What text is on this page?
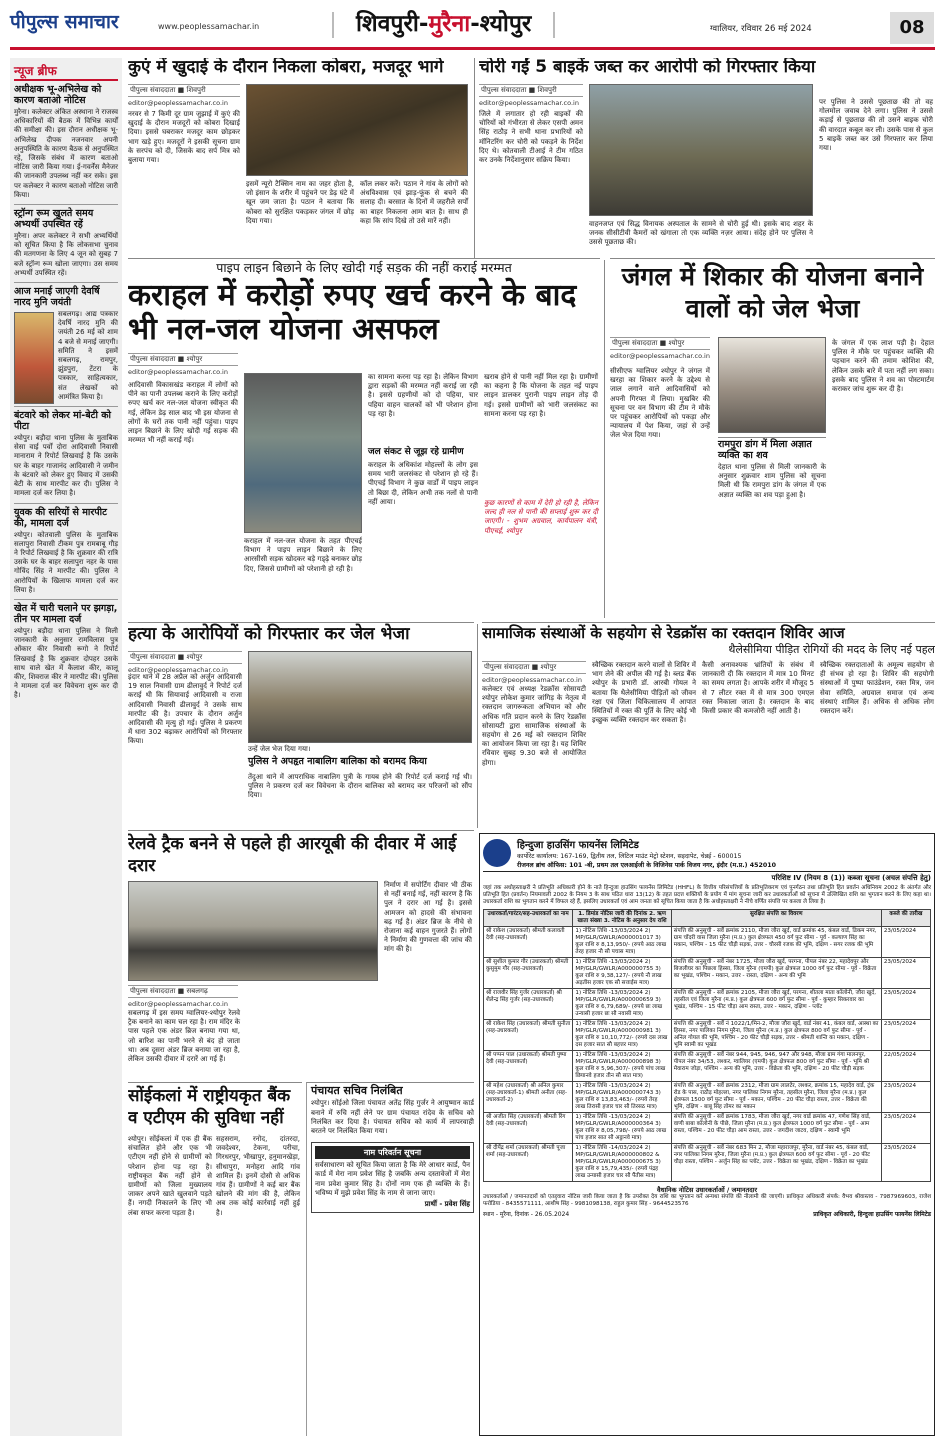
पीपुल्स समाचार	www.peoplessamachar.in	शिवपुरी-मुरैना-श्योपुर	ग्वालियर, रविवार 26 मई 2024	08
न्यूज ब्रीफ
अधीक्षक भू-अभिलेख को कारण बताओ नोटिस
मुरैना। कलेक्टर अंकित अस्थाना ने राजस्व अधिकारियों की बैठक में विभिन्न कार्यों की समीक्षा की। इस दौरान अधीक्षक भू-अभिलेख दीपक नजनवार अपनी अनुपस्थिति के कारण बैठक से अनुपस्थित रहे, जिसके संबंध में कारण बताओ नोटिस जारी किया गया। ई-गवर्नेंस मैनेजर की जानकारी उपलब्ध नहीं कर सके। इस पर कलेक्टर ने कारण बताओ नोटिस जारी किया।
स्ट्रॉन्ग रूम खुलते समय अभ्यर्थी उपस्थित रहें
मुरैना। अपर कलेक्टर ने सभी अभ्यर्थियों को सूचित किया है कि लोकसभा चुनाव की मतगणना के लिए 4 जून को सुबह 7 बजे स्ट्रॉन्ग रूम खोला जाएगा। उस समय अभ्यर्थी उपस्थित रहें।
आज मनाई जाएगी देवर्षि नारद मुनि जयंती
सबलगढ़। आद्य पत्रकार देवर्षि नारद मुनि की जयंती 26 मई को शाम 4 बजे से मनाई जाएगी। समिति ने इसमें सबलगढ़, रामपुर, झुंडपुरा, टेंटरा के पत्रकार, साहित्यकार, संत लेखकों को आमंत्रित किया है।
बंटवारे को लेकर मां-बेटी को पीटा
श्योपुर। बड़ौदा थाना पुलिस के मुताबिक सेसा वाई पर्वों दोरा आदिवासी निवासी मानाराम ने रिपोर्ट लिखवाई है कि उसके घर के बाहर गाजानंद आदिवासी ने जमीन के बंटवारे को लेकर हुए विवाद में उसकी बेटी के साथ मारपीट कर दी। पुलिस ने मामला दर्ज कर लिया है।
युवक की सरियों से मारपीट की, मामला दर्ज
श्योपुर। कोतवाली पुलिस के मुताबिक सलापुरा निवासी टीकम पुत्र रामबाबू गौड़ ने रिपोर्ट लिखवाई है कि शुक्रवार की रात्रि उसके घर के बाहर सलापुरा नहर के पास गोविंद सिंह ने मारपीट की। पुलिस ने आरोपियों के खिलाफ मामला दर्ज कर लिया है।
खेत में चारी चलाने पर झगड़ा, तीन पर मामला दर्ज
श्योपुर। बड़ौदा थाना पुलिस ने मिली जानकारी के अनुसार रामविलास पुत्र ओंकार कीर निवासी रूगो ने रिपोर्ट लिखवाई है कि शुक्रवार दोपहर उसके साथ वाले खेत में कैलाश कीर, कालू कीर, शिवराज कीर ने मारपीट की। पुलिस ने मामला दर्ज कर विवेचना शुरू कर दी है।
कुएं में खुदाई के दौरान निकला कोबरा, मजदूर भागे
पीपुल्स संवाददाता ■ शिवपुरी
editor@peoplessamachar.co.in
नरवर से 7 किमी दूर ग्राम जुझाई में कुएं की खुदाई के दौरान मजदूरों को कोबरा दिखाई दिया। इससे घबराकर मजदूर काम छोड़कर भाग खड़े हुए। मजदूरों ने इसकी सूचना ग्राम के सरपंच को दी, जिसके बाद सर्प मित्र को बुलाया गया।
इसमें न्यूरो टैक्सिन नाम का जहर होता है, जो इंसान के शरीर में पहुंचने पर डेढ़ घंटे में खून जम जाता है। पठान ने बताया कि कोबरा को सुरक्षित पकड़कर जंगल में छोड़ दिया गया।
कॉल लकर करें। पठान ने गांव के लोगों को अंधविश्वास एवं झाड़-फूंक से बचने की सलाह दी। बरसात के दिनों में जहरीले सर्पों का बाहर निकलना आम बात है। साथ ही कहा कि सांप दिखे तो उसे मारें नहीं।
चोरी गईं 5 बाइकें जब्त कर आरोपी को गिरफ्तार किया
पीपुल्स संवाददाता ■ शिवपुरी
editor@peoplessamachar.co.in
जिले में लगातार हो रही बाइकों की चोरियों को गंभीरता से लेकर एसपी अमन सिंह राठौड़ ने सभी थाना प्रभारियों को मॉनिटरिंग कर चोरी को पकड़ने के निर्देश दिए थे। कोतवाली टीआई ने टीम गठित कर उनके निर्देशानुसार सक्रिय किया।
वाहनजप्त एवं सिद्ध विनायक अस्पताल के सामने से चोरी हुई थी। इसके बाद शहर के जनक सीसीटीवी कैमरों को खंगाला तो एक व्यक्ति नज़र आया। संदेह होने पर पुलिस ने उससे पूछताछ की।
पर पुलिस ने उससे पूछताछ की तो वह गोलमोल जवाब देने लगा। पुलिस ने उससे कड़ाई से पूछताछ की तो उसने बाइक चोरी की वारदात कबूल कर ली। उसके पास से कुल 5 बाइकें जब्त कर उसे गिरफ्तार कर लिया गया।
पाइप लाइन बिछाने के लिए खोदी गई सड़क की नहीं कराई मरम्मत
कराहल में करोड़ों रुपए खर्च करने के बाद भी नल-जल योजना असफल
पीपुल्स संवाददाता ■ श्योपुर
editor@peoplessamachar.co.in
आदिवासी विकासखंड कराहल में लोगों को पीने का पानी उपलब्ध कराने के लिए करोड़ों रुपए खर्च कर नल-जल योजना स्वीकृत की गई, लेकिन डेढ़ साल बाद भी इस योजना से लोगों के घरों तक पानी नहीं पहुंचा। पाइप लाइन बिछाने के लिए खोदी गई सड़क की मरम्मत भी नहीं कराई गई।
कराहल में नल-जल योजना के तहत पीएचई विभाग ने पाइप लाइन बिछाने के लिए आरसीसी सड़क खोदकर बड़े गड्ढ़े बनाकर छोड़ दिए, जिससे ग्रामीणों को परेशानी हो रही है।
का सामना करना पड़ रहा है। लेकिन विभाग द्वारा सड़कों की मरम्मत नहीं कराई जा रही है। इससे ग्रहणीयों को दो पहिया, चार पहिया वाहन चालकों को भी परेशान होना पड़ रहा है।
जल संकट से जूझ रहे ग्रामीण
कराहल के अधिकांश मोहल्लों के लोग इस समय भारी जलसंकट से परेशान हो रहे हैं। पीएचई विभाग ने कुछ वार्डों में पाइप लाइन तो बिछा दी, लेकिन अभी तक नलों से पानी नहीं आया।
खराब होने से पानी नहीं मिल रहा है। ग्रामीणों का कहना है कि योजना के तहत नई पाइप लाइन डालकर पुरानी पाइप लाइन तोड़ दी गई। इससे ग्रामीणों को भारी जलसंकट का सामना करना पड़ रहा है।
कुछ कारणों से काम में देरी हो रही है, लेकिन जल्द ही नल से पानी की सप्लाई शुरू कर दी जाएगी। - शुभम अग्रवाल, कार्यपालन यंत्री, पीएचई, श्योपुर
जंगल में शिकार की योजना बनाने वालों को जेल भेजा
पीपुल्स संवाददाता ■ श्योपुर
editor@peoplessamachar.co.in
सीसीएफ ग्वालियर श्योपुर ने जंगल में खरहा का शिकार करने के उद्देश्य से जाल लगाने वाले आदिवासियों को अपनी गिरफ्त में लिया। मुखबिर की सूचना पर वन विभाग की टीम ने मौके पर पहुंचकर आरोपियों को पकड़ा और न्यायालय में पेश किया, जहां से उन्हें जेल भेज दिया गया।
के जंगल में एक लाश पड़ी है। देहात पुलिस ने मौके पर पहुंचकर व्यक्ति की पहचान करने की तमाम कोशिश की, लेकिन उसके बारे में पता नहीं लग सका। इसके बाद पुलिस ने शव का पोस्टमार्टम कराकर जांच शुरू कर दी है।
रामपुरा डांग में मिला अज्ञात व्यक्ति का शव
देहात थाना पुलिस से मिली जानकारी के अनुसार शुक्रवार शाम पुलिस को सूचना मिली थी कि रामपुरा डांग के जंगल में एक अज्ञात व्यक्ति का शव पड़ा हुआ है।
हत्या के आरोपियों को गिरफ्तार कर जेल भेजा
पीपुल्स संवाददाता ■ श्योपुर
editor@peoplessamachar.co.in
इंदार थाने में 28 अप्रैल को अर्जुन आदिवासी 19 साल निवासी ग्राम ढीलावुर्द ने रिपोर्ट दर्ज कराई थी कि सियावाई आदिवासी व राजा आदिवासी निवासी ढीलावुर्द ने उसके साथ मारपीट की है। उपचार के दौरान अर्जुन आदिवासी की मृत्यु हो गई। पुलिस ने प्रकरण में धारा 302 बढ़ाकर आरोपियों को गिरफ्तार किया।
उन्हें जेल भेज दिया गया।
पुलिस ने अपहृत नाबालिग बालिका को बरामद किया
तेंदुआ थाने में आपराधिक नाबालिग पुत्री के गायब होने की रिपोर्ट दर्ज कराई गई थी। पुलिस ने प्रकरण दर्ज कर विवेचना के दौरान बालिका को बरामद कर परिजनों को सौंप दिया।
सामाजिक संस्थाओं के सहयोग से रेडक्रॉस का रक्तदान शिविर आज
थैलेसीमिया पीड़ित रोगियों की मदद के लिए नई पहल
पीपुल्स संवाददाता ■ श्योपुर
editor@peoplessamachar.co.in
कलेक्टर एवं अध्यक्ष रेडक्रॉस सोसायटी श्योपुर लोकेश कुमार जांगिड़ के नेतृत्व में रक्तदान जागरूकता अभियान को और अधिक गति प्रदान करने के लिए रेडक्रॉस सोसायटी द्वारा सामाजिक संस्थाओं के सहयोग से 26 मई को रक्तदान शिविर का आयोजन किया जा रहा है। यह शिविर रविवार सुबह 9.30 बजे से आयोजित होगा।
स्वैच्छिक रक्तदान करने वालों से शिविर में भाग लेने की अपील की गई है। ब्लड बैंक श्योपुर के प्रभारी डॉ. आरबी गोयल ने बताया कि थैलेसीमिया पीड़ितों को जीवन रक्षा एवं जिला चिकित्सालय में आपात स्थितियों में रक्त की पूर्ति के लिए कोई भी इच्छुक व्यक्ति रक्तदान कर सकता है।
कैसी अनावश्यक भ्रांतियों के संबंध में जानकारी दी कि रक्तदान में मात्र 10 मिनट का समय लगता है। आपके शरीर में मौजूद 5 से 7 लीटर रक्त में से मात्र 300 एमएल रक्त निकाला जाता है। रक्तदान के बाद किसी प्रकार की कमजोरी नहीं आती है।
स्वैच्छिक रक्तदाताओं के अमूल्य सहयोग से ही संभव हो रहा है। शिविर की सहयोगी संस्थाओं में पुष्पा फाउंडेशन, रक्त मित्र, जन सेवा समिति, अग्रवाल समाज एवं अन्य संस्थाएं शामिल हैं। अधिक से अधिक लोग रक्तदान करें।
रेलवे ट्रैक बनने से पहले ही आरयूबी की दीवार में आई दरार
पीपुल्स संवाददाता ■ सबलगढ़
editor@peoplessamachar.co.in
सबलगढ़ में इस समय ग्वालियर-श्योपुर रेलवे ट्रैक बनाने का काम चल रहा है। राम मंदिर के पास पहले एक अंडर ब्रिज बनाया गया था, जो बारिश का पानी भरने से बंद हो जाता था। अब दूसरा अंडर ब्रिज बनाया जा रहा है, लेकिन उसकी दीवार में दरारें आ गई हैं।
निर्माण में सपोर्टिंग दीवार भी ठीक से नहीं बनाई गई, नहीं कारण है कि पुल ने दरार आ गई है। इससे आमजन को हादसे की संभावना बढ़ गई है। अंडर ब्रिज के नीचे से रोजाना कई वाहन गुजरते हैं। लोगों ने निर्माण की गुणवत्ता की जांच की मांग की है।
सोंईकलां में राष्ट्रीयकृत बैंक व एटीएम की सुविधा नहीं
श्योपुर। सोंईकलां में एक ही बैंक संचालित होने और एक भी एटीएम नहीं होने से ग्रामीणों को परेशान होना पड़ रहा है। राष्ट्रीयकृत बैंक नहीं होने से ग्रामीणों को जिला मुख्यालय जाकर अपने खाते खुलवाने पड़ते हैं। नगदी निकालने के लिए भी लंबा सफर करना पड़ता है।
सहसराम, रनोद, दांतरदा, जवदेश्वर, टेकना, परीचा, गिरधरपुर, भीखापुर, हनुमानखेड़ा, सीधापुरा, मनोहरा आदि गांव शामिल हैं। इनमें दोसौ से अधिक गांव हैं। ग्रामीणों ने कई बार बैंक खोलने की मांग की है, लेकिन अब तक कोई कार्रवाई नहीं हुई है।
पंचायत सचिव निलंबित
श्योपुर। सोंईओ जिला पंचायत अतेंद्र सिंह गुर्जर ने आयुष्मान कार्ड बनाने में रुचि नहीं लेने पर ग्राम पंचायत रांदेव के सचिव को निलंबित कर दिया है। पंचायत सचिव को कार्य में लापरवाही बरतने पर निलंबित किया गया।
नाम परिवर्तन सूचना
सर्वसाधारण को सूचित किया जाता है कि मेरे आधार कार्ड, पैन कार्ड में मेरा नाम प्रवेश सिंह है जबकि अन्य दस्तावेजों में मेरा नाम प्रवेश कुमार सिंह है। दोनों नाम एक ही व्यक्ति के हैं। भविष्य में मुझे प्रवेश सिंह के नाम से जाना जाए।
प्रार्थी - प्रवेश सिंह
हिन्दुजा हाउसिंग फायनेंस लिमिटेड
कार्पोरेट कार्यालय: 167-169, द्वितीय तल, लिटिल माउंट मेट्रो स्टेशन, सइदापेट, चेन्नई - 600015
रीजनल ब्रांच ऑफिस: 101 -बी, प्रथम तल एलआईजी के विजिनेस पार्क विजय नगर, इंदौर (म.प्र.) 452010
परिशिष्ट IV (नियम 8 (1)) कब्जा सूचना (अचल संपत्ति हेतु)
जहां तक अधोहस्ताक्षरी ने प्रतिभूति अधिकारी होने के नाते हिन्दुजा हाउसिंग फायनेंस लिमिटेड (HHFL) के वित्तीय परिसंपत्तियों के प्रतिभूतिकरण एवं पुनर्गठन तथा प्रतिभूति हित प्रवर्तन अधिनियम 2002 के अंतर्गत और प्रतिभूति हित (प्रवर्तन) नियमावली 2002 के नियम 3 के साथ पठित धारा 13(12) के तहत प्रदत्त शक्तियों के प्रयोग में मांग सूचना जारी कर उधारकर्ताओं को सूचना में उल्लिखित राशि का भुगतान करने के लिए कहा था। उधारकर्ता राशि का भुगतान करने में विफल रहे हैं, इसलिए उधारकर्ता एवं आम जनता को सूचित किया जाता है कि अधोहस्ताक्षरी ने नीचे वर्णित संपत्ति पर कब्जा ले लिया है।
उधारकर्ता/गारंटर/सह-उधारकर्ता का नाम	1. डिमांड नोटिस जारी की दिनांक 2. ऋण खाता संख्या 3. नोटिस के अनुसार देय राशि	सुरक्षित संपत्ति का विवरण	कब्जे की तारीख
श्री राकेश (उधारकर्ता) श्रीमती कलावती देवी (सह-उधारकर्ता)	1) नोटिस तिथि -13/03/2024 2) MP/GLR/GWLR/A000001017 3) कुल राशि रु 8,13,950/- (रुपये आठ लाख तेरह हजार नौ सौ पचास मात्र)	संपत्ति की अनुसूची - सर्वे क्रमांक 2110, मौजा जौरा खुर्द, वार्ड क्रमांक 45, कंबल वार्ड, डिकम नगर, ग्राम चोंदरी वास जिला मुरैना (म.प्र.) कुल क्षेत्रफल 450 वर्ग फुट सीमा - पूर्व - कल्याण सिंह का मकान, पश्चिम - 15 फीट चौड़ी सड़क, उत्तर - चौरसी रजक की भूमि, दक्षिण - सगर रजक की भूमि	23/05/2024
श्री सुशील कुमार गौर (उधारकर्ता) श्रीमती कुसुमुम गौर (सह-उधारकर्ता)	1) नोटिस तिथि -13/03/2024 2) MP/GLR/GWLR/A000000755 3) कुल राशि रु 9,38,127/- (रुपये नौ लाख अड़तीस हजार एक सौ सत्ताईस मात्र)	संपत्ति की अनुसूची - सर्वे नंबर 1725, मौजा जौरा खुर्द, परगना, पीपल नंबर 22, महादेवपुर और बिजलीघर का पिछला हिस्सा, जिला मुरैना (एमपी) कुल क्षेत्रफल 1000 वर्ग फुट सीमा - पूर्व - विक्रेता का भूखंड, पश्चिम - मकान, उत्तर - रास्ता, दक्षिण - अन्य की भूमि	23/05/2024
श्री राजवीर सिंह गुर्जर (उधारकर्ता) श्री शैलेन्द्र सिंह गुर्जर (सह-उधारकर्ता)	1) नोटिस तिथि -13/03/2024 2) MP/GLR/GWLR/A000000659 3) कुल राशि रु 6,79,689/- (रुपये छः लाख उन्यासी हजार छः सौ नवासी मात्र)	संपत्ति की अनुसूची - सर्वे क्रमांक 2105, मौजा जौरा खुर्द, परगना, शीतला माता कॉलोनी, जौरा खुर्द, तहसील एवं जिला मुरैना (म.प्र.) कुल क्षेत्रफल 600 वर्ग फुट सीमा - पूर्व - कुम्हार सिकरवार का भूखंड, पश्चिम - 15 फीट चौड़ा आम रास्ता, उत्तर - मकान, दक्षिण - प्लॉट	23/05/2024
श्री राकेश सिंह (उधारकर्ता) श्रीमती सुनीता (सह-उधारकर्ता)	1) नोटिस तिथि -13/03/2024 2) MP/GLR/GWLR/A000000981 3) कुल राशि रु 10,10,772/- (रुपये दस लाख दस हजार सात सौ बहत्तर मात्र)	संपत्ति की अनुसूची - सर्वे नं 1022/1/मिन-2, मौजा जौरा खुर्द, वार्ड नंबर 41, कंबल वार्ड, आस्था का हिस्सा, नगर पालिका निगम मुरैना, जिला मुरैना (म.प्र.) कुल क्षेत्रफल 800 वर्ग फुट सीमा - पूर्व - अनिल गोयल की भूमि, पश्चिम - 20 फीट चौड़ी सड़क, उत्तर - श्रीमती शान्ति का मकान, दक्षिण - भूमि स्वामी का भूखंड	23/05/2024
श्री पप्पन पाल (उधारकर्ता) श्रीमती पुष्पा देवी (सह-उधारकर्ता)	1) नोटिस तिथि -13/03/2024 2) MP/GLR/GWLR/A000000898 3) कुल राशि रु 5,96,307/- (रुपये पांच लाख छियानवे हजार तीन सौ सात मात्र)	संपत्ति की अनुसूची - सर्वे नंबर 944, 945, 946, 947 और 948, मौजा ग्राम गंगा मालनपुर, पीपल नंबर 34/53, लश्कर, ग्वालियर (एमपी) कुल क्षेत्रफल 800 वर्ग फुट सीमा - पूर्व - भूमि श्री मेवाराम जोड़ा, पश्चिम - अन्य की भूमि, उत्तर - विक्रेता की भूमि, दक्षिण - 20 फीट चौड़ी सड़क	22/05/2024
श्री महेश (उधारकर्ता) श्री अनिल कुमार (सह-उधारकर्ता-1) श्रीमती अनीता (सह-उधारकर्ता-2)	1) नोटिस तिथि -13/03/2024 2) MP/GLR/GWLR/A000000743 3) कुल राशि रु 13,83,463/- (रुपये तेरह लाख तिरासी हजार चार सौ तिरसठ मात्र)	संपत्ति की अनुसूची - सर्वे क्रमांक 2312, मौजा ग्राम लालटेर, लश्कर, क्रमांक 15, महादेव वार्ड, ट्रंक रोड के पास, राठौड़ मोहल्ला, नगर पालिका निगम मुरैना, तहसील मुरैना, जिला मुरैना (म.प्र.) कुल क्षेत्रफल 1500 वर्ग फुट सीमा - पूर्व - मकान, पश्चिम - 20 फीट चौड़ा रास्ता, उत्तर - विक्रेता की भूमि, दक्षिण - बाबू सिंह तोमर का मकान	23/05/2024
श्री अजीत सिंह (उधारकर्ता) श्रीमती रिंग देवी (सह-उधारकर्ता)	1) नोटिस तिथि -13/03/2024 2) MP/GLR/GWLR/A000000364 3) कुल राशि रु 8,05,798/- (रुपये आठ लाख पांच हजार सात सौ अट्ठानवे मात्र)	संपत्ति की अनुसूची - सर्वे क्रमांक 1783, मौजा जौरा खुर्द, नगर वार्ड क्रमांक 47, गणेश सिंह वार्ड, वाणी बाबा कॉलोनी के पीछे, जिला मुरैना (म.प्र.) कुल क्षेत्रफल 1000 वर्ग फुट सीमा - पूर्व - आम रास्ता, पश्चिम - 20 फीट चौड़ा आम रास्ता, उत्तर - जगदीश जाटव, दक्षिण - स्वामी भूमि	23/05/2024
श्री दीपेंद्र शर्मा (उधारकर्ता) श्रीमती पूजा शर्मा (सह-उधारकर्ता)	1) नोटिस तिथि -14/03/2024 2) MP/GLR/GWLR/A000000802 & MP/GLR/GWLR/A000000675 3) कुल राशि रु 15,79,435/- (रुपये पंद्रह लाख उन्यासी हजार चार सौ पैंतीस मात्र)	संपत्ति की अनुसूची - सर्वे नंबर 683 मिन 2, मौजा महाराजपुर, मुरैना, वार्ड नंबर 45, कंबल वार्ड, नगर पालिका निगम मुरैना, जिला मुरैना (म.प्र.) कुल क्षेत्रफल 600 वर्ग फुट सीमा - पूर्व - 20 फीट चौड़ा रास्ता, पश्चिम - अर्जुन सिंह का प्लॉट, उत्तर - विक्रेता का भूखंड, दक्षिण - विक्रेता का भूखंड	23/05/2024
वैधानिक नोटिस उधारकर्ताओं / जमानतदार
उधारकर्ताओं / जमानतदारों को एतद्द्वारा नोटिस जारी किया जाता है कि उपरोक्त देय राशि का भुगतान करें अन्यथा संपत्ति की नीलामी की जाएगी। प्राधिकृत अधिकारी संपर्क: वैभव श्रीवास्तव - 7987969603, राजेश फरोडिया - 8435571111, आशीष सिंह - 9981098138, राहुल कुमार सिंह - 9644523576
स्थान - मुरैना, दिनांक - 26.05.2024	प्राधिकृत अधिकारी, हिन्दुजा हाउसिंग फायनेंस लिमिटेड
